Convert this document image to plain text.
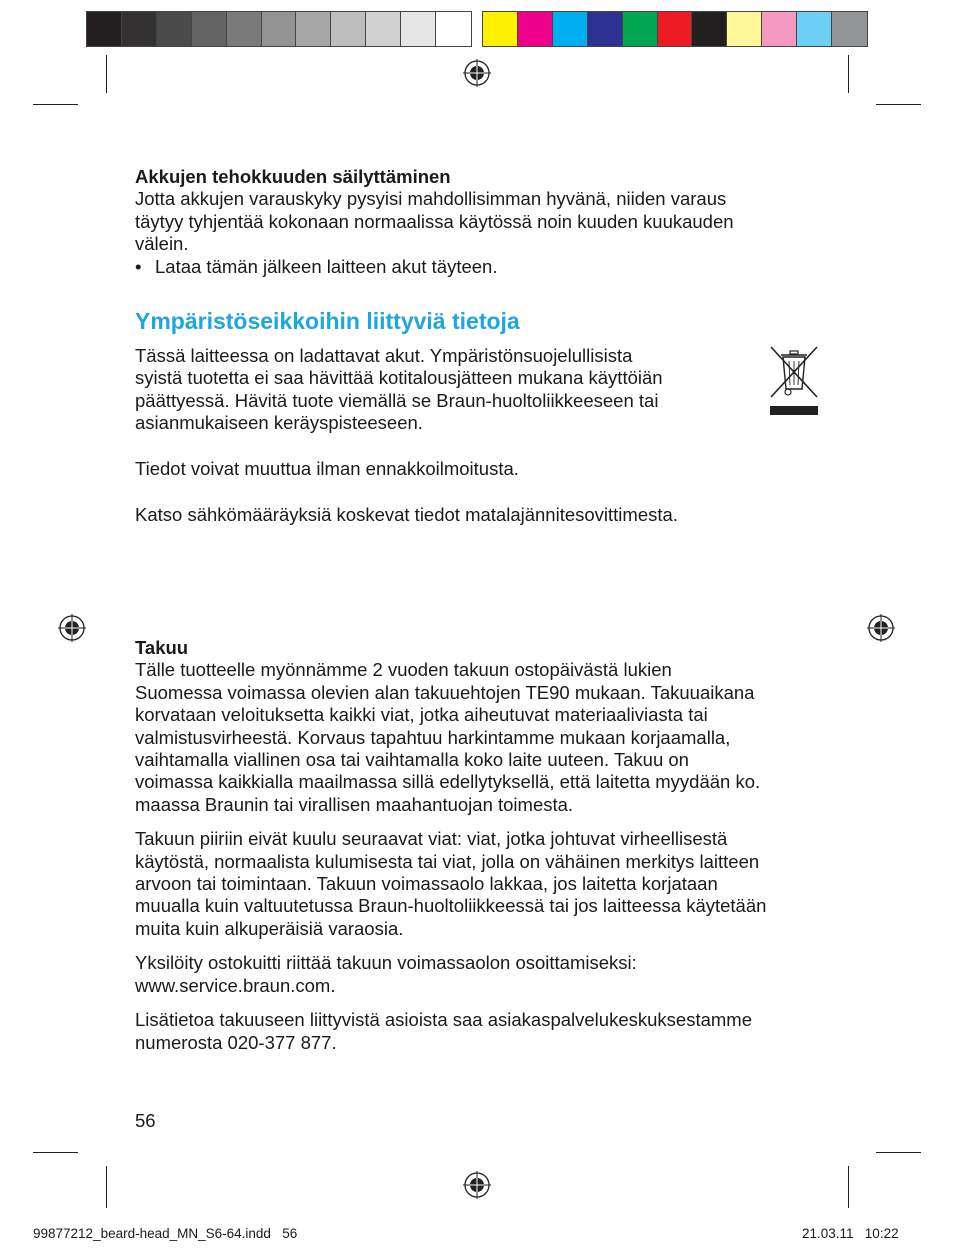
Akkujen tehokkuuden säilyttäminen

Jotta akkujen varauskyky pysyisi mahdollisimman hyvänä, niiden varaus

täytyy tyhjentää kokonaan normaalissa käytössä noin kuuden kuukauden

välein.

• Lataa tämän jälkeen laitteen akut täyteen.
Ympäristöseikkoihin liittyviä tietoja

Tässä laitteessa on ladattavat akut. Ympäristönsuojelullisista

syistä tuotetta ei saa hävittää kotitalousjätteen mukana käyttöiän

päättyessä. Hävitä tuote viemällä se Braun-huoltoliikkeeseen tai

asianmukaiseen keräyspisteeseen.

Tiedot voivat muuttua ilman ennakkoilmoitusta.
Katso sähkömääräyksiä koskevat tiedot matalajännitesovittimesta.

Takuu

Tälle tuotteelle myönnämme 2 vuoden takuun ostopäivästä lukien

Suomessa voimassa olevien alan takuuehtojen TE90 mukaan. Takuuaikana

korvataan veloituksetta kaikki viat, jotka aiheutuvat materiaaliviasta tai

valmistusvirheestä. Korvaus tapahtuu harkintamme mukaan korjaamalla,

vaihtamalla viallinen osa tai vaihtamalla koko laite uuteen. Takuu on

voimassa kaikkialla maailmassa sillä edellytyksellä, että laitetta myydään ko.

maassa Braunin tai virallisen maahantuojan toimesta.

Takuun piiriin eivät kuulu seuraavat viat: viat, jotka johtuvat virheellisestä

käytöstä, normaalista kulumisesta tai viat, jolla on vähäinen merkitys laitteen

arvoon tai toimintaan. Takuun voimassaolo lakkaa, jos laitetta korjataan

muualla kuin valtuutetussa Braun-huoltoliikkeessä tai jos laitteessa käytetään

muita kuin alkuperäisiä varaosia.

Yksilöity ostokuitti riittää takuun voimassaolon osoittamiseksi:

www.service.braun.com.

Lisätietoa takuuseen liittyvistä asioista saa asiakaspalvelukeskuksestamme

numerosta 020-377 877.

56
99877212_beard-head_MN_S6-64.indd   56	21.03.11   10:22
